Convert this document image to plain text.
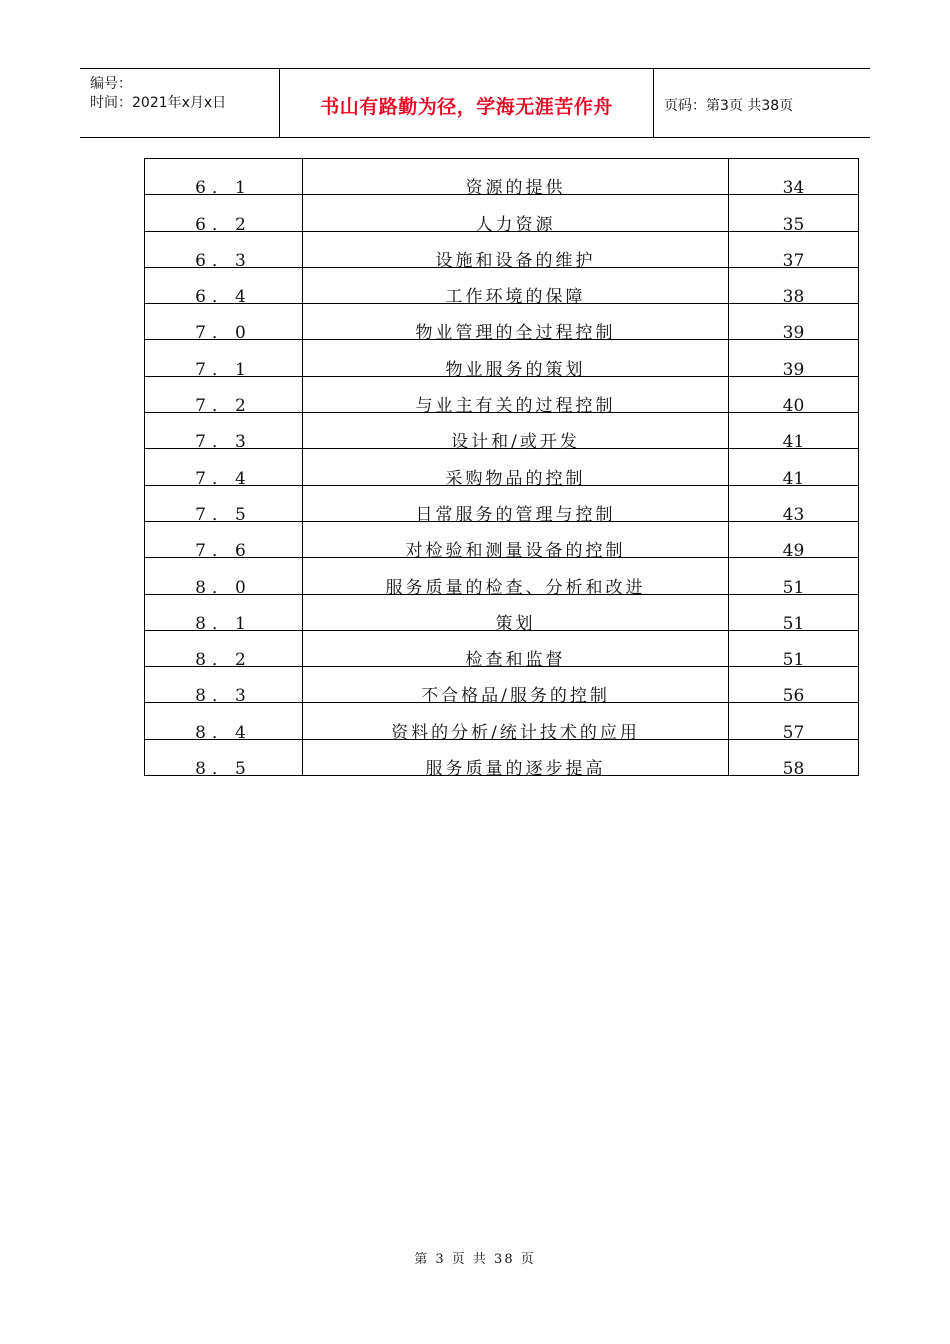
编号：
时间：2021年x月x日	书山有路勤为径，学海无涯苦作舟	页码：第3页 共38页
6．1	资源的提供	34
6．2	人力资源	35
6．3	设施和设备的维护	37
6．4	工作环境的保障	38
7．0	物业管理的全过程控制	39
7．1	物业服务的策划	39
7．2	与业主有关的过程控制	40
7．3	设计和/或开发	41
7．4	采购物品的控制	41
7．5	日常服务的管理与控制	43
7．6	对检验和测量设备的控制	49
8．0	服务质量的检查、分析和改进	51
8．1	策划	51
8．2	检查和监督	51
8．3	不合格品/服务的控制	56
8．4	资料的分析/统计技术的应用	57
8．5	服务质量的逐步提高	58
第 3 页 共 38 页
